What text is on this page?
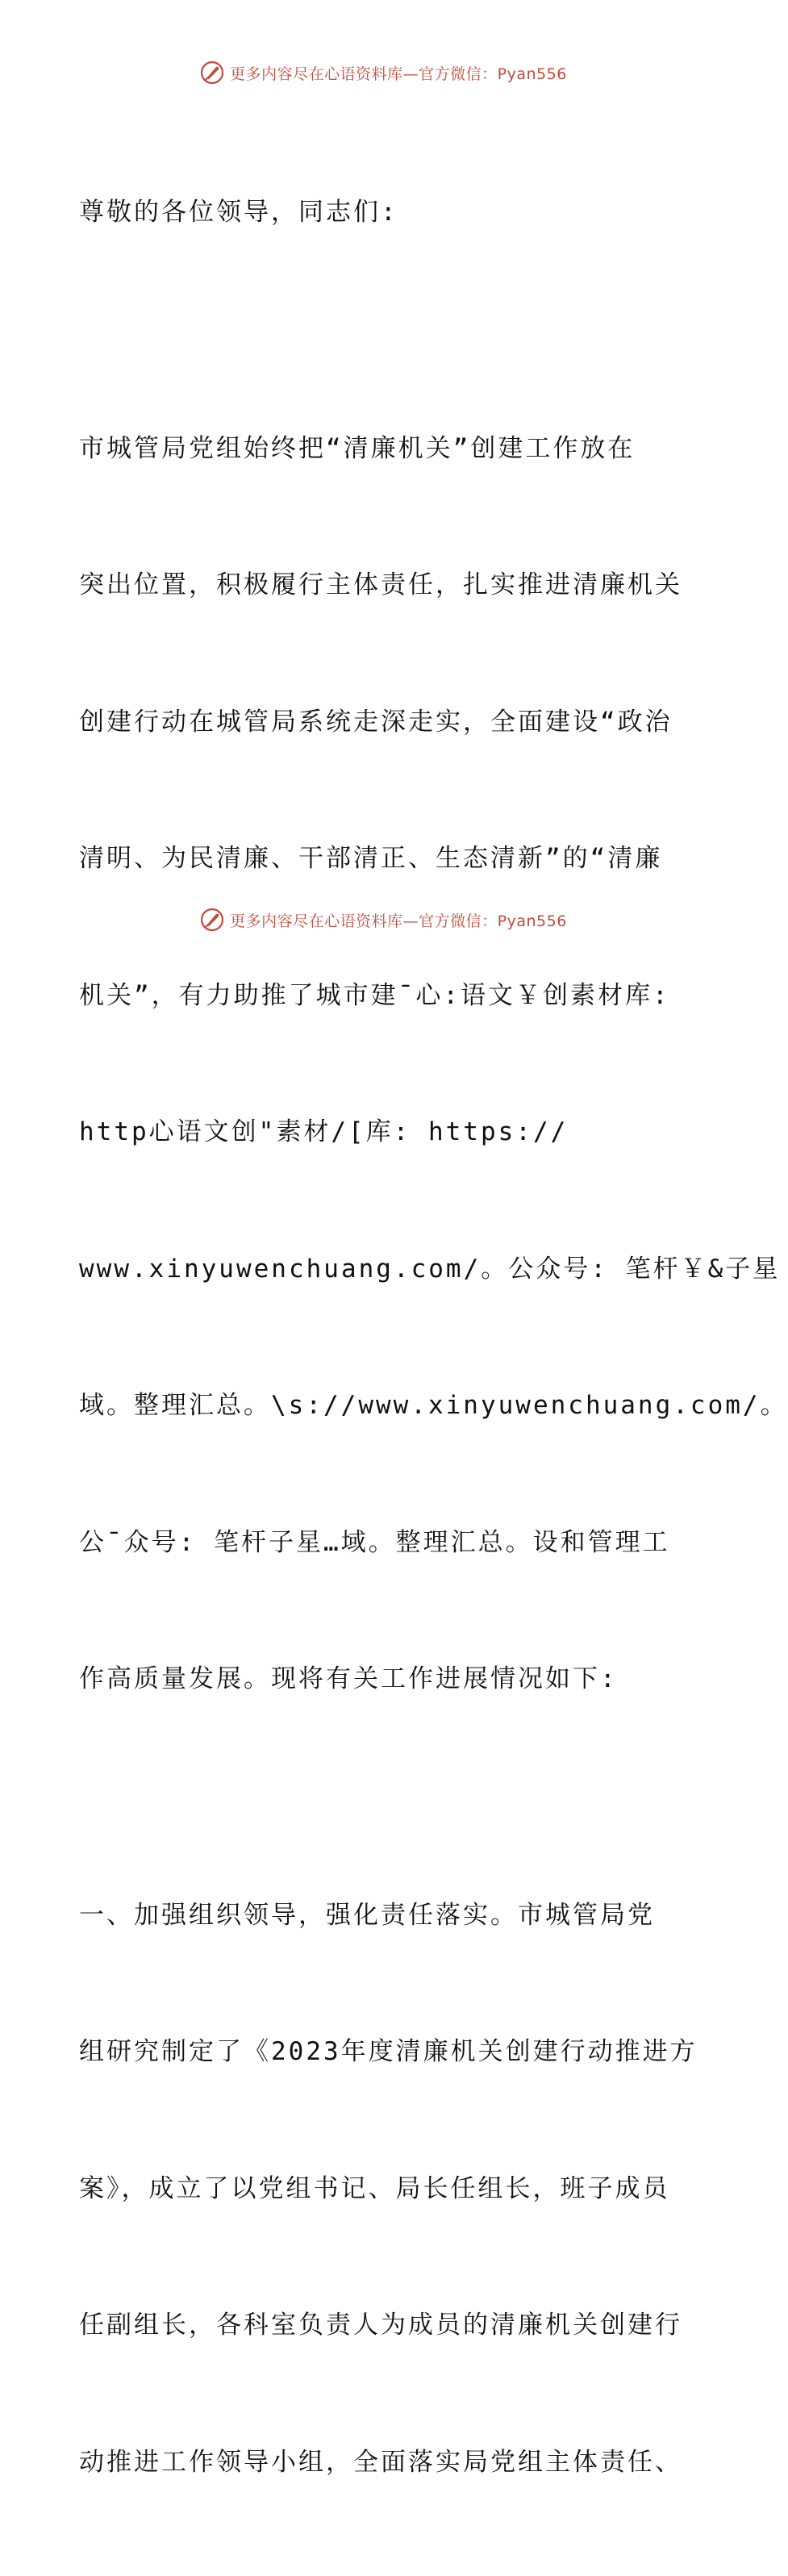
更多内容尽在心语资料库—官方微信：Pyan556

尊敬的各位领导，同志们:

市城管局党组始终把“清廉机关”创建工作放在

突出位置，积极履行主体责任，扎实推进清廉机关

创建行动在城管局系统走深走实，全面建设“政治

清明、为民清廉、干部清正、生态清新”的“清廉

机关”，有力助推了城市建¯心:语文￥创素材库:

http心语文创"素材/[库: https://

www.xinyuwenchuang.com/。公众号: 笔杆￥&子星

域。整理汇总。\s://www.xinyuwenchuang.com/。

公¯众号: 笔杆子星…域。整理汇总。设和管理工

作高质量发展。现将有关工作进展情况如下:

一、加强组织领导，强化责任落实。市城管局党

组研究制定了《2023年度清廉机关创建行动推进方

案》，成立了以党组书记、局长任组长，班子成员

任副组长，各科室负责人为成员的清廉机关创建行

动推进工作领导小组，全面落实局党组主体责任、

更多内容尽在心语资料库—官方微信：Pyan556
